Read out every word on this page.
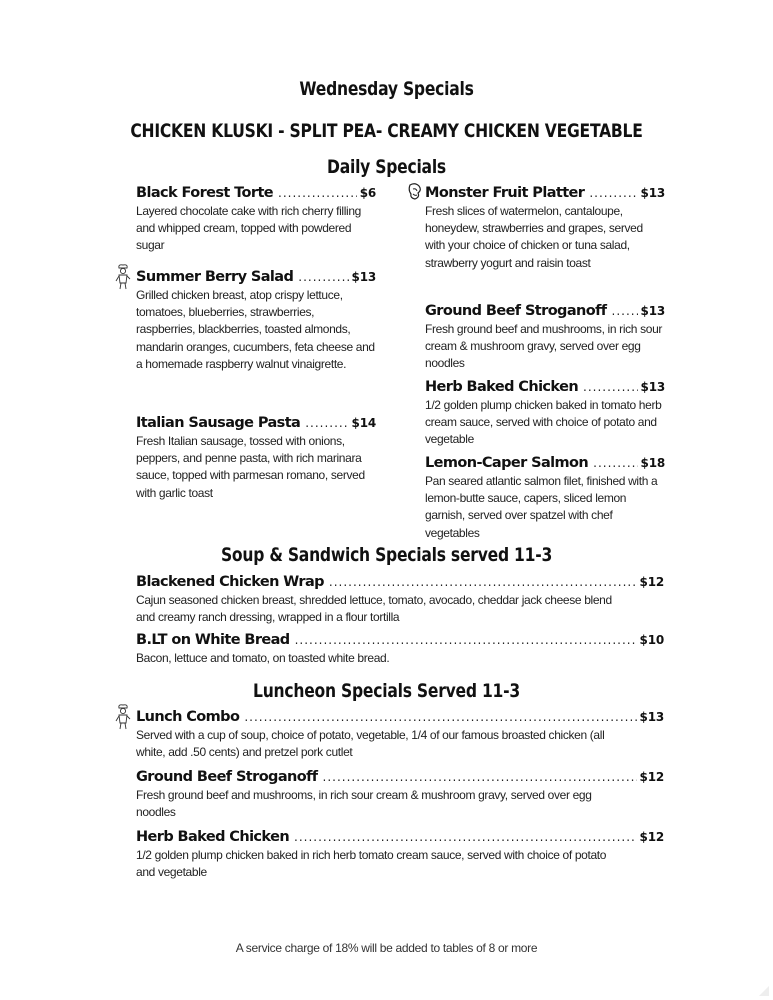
Wednesday Specials
CHICKEN KLUSKI - SPLIT PEA- CREAMY CHICKEN VEGETABLE
Daily Specials
Black Forest Torte .....	$6
Layered chocolate cake with rich cherry filling and whipped cream, topped with powdered sugar
Summer Berry Salad .....	$13
Grilled chicken breast, atop crispy lettuce, tomatoes, blueberries, strawberries, raspberries, blackberries, toasted almonds, mandarin oranges, cucumbers, feta cheese and a homemade raspberry walnut vinaigrette.
Italian Sausage Pasta .....	$14
Fresh Italian sausage, tossed with onions, peppers, and penne pasta, with rich marinara sauce, topped with parmesan romano, served with garlic toast
Monster Fruit Platter .....	$13
Fresh slices of watermelon, cantaloupe, honeydew, strawberries and grapes, served with your choice of chicken or tuna salad, strawberry yogurt and raisin toast
Ground Beef Stroganoff .....	$13
Fresh ground beef and mushrooms, in rich sour cream & mushroom gravy, served over egg noodles
Herb Baked Chicken .....	$13
1/2 golden plump chicken baked in tomato herb cream sauce, served with choice of potato and vegetable
Lemon-Caper Salmon .....	$18
Pan seared atlantic salmon filet, finished with a lemon-butte sauce, capers, sliced lemon garnish, served over spatzel with chef vegetables
Soup & Sandwich Specials served 11-3
Blackened Chicken Wrap .....	$12
Cajun seasoned chicken breast, shredded lettuce, tomato, avocado, cheddar jack cheese blend and creamy ranch dressing, wrapped in a flour tortilla
B.LT on White Bread .....	$10
Bacon, lettuce and tomato, on toasted white bread.
Luncheon Specials Served 11-3
Lunch Combo .....	$13
Served with a cup of soup, choice of potato, vegetable, 1/4 of our famous broasted chicken (all white, add .50 cents) and pretzel pork cutlet
Ground Beef Stroganoff .....	$12
Fresh ground beef and mushrooms, in rich sour cream & mushroom gravy, served over egg noodles
Herb Baked Chicken .....	$12
1/2 golden plump chicken baked in rich herb tomato cream sauce, served with choice of potato and vegetable
A service charge of 18% will be added to tables of 8 or more
